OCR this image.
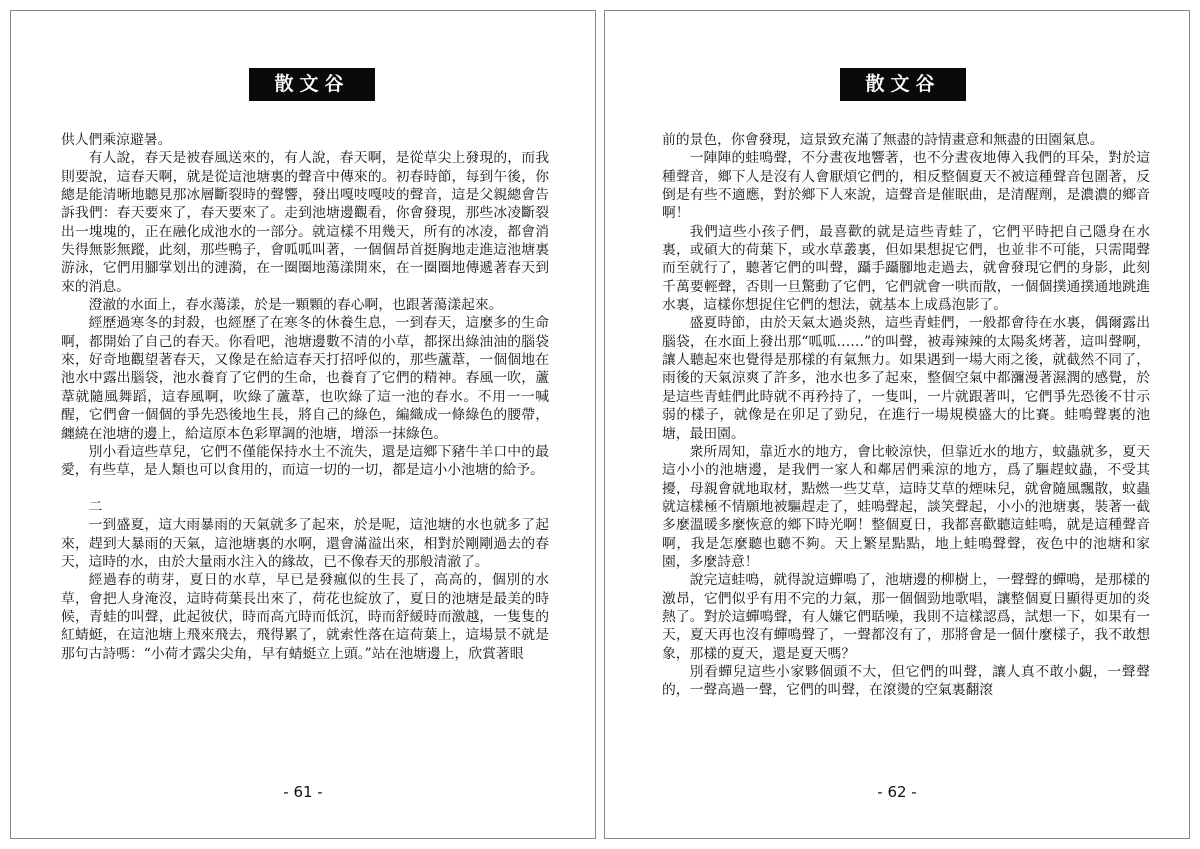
散文谷

供人們乘涼避暑。

有人說，春天是被春風送來的，有人說，春天啊，是從草尖上發現的，而我則要說，這春天啊，就是從這池塘裏的聲音中傳來的。初春時節，每到午後，你總是能清晰地聽見那冰層斷裂時的聲響，發出嘎吱嘎吱的聲音，這是父親總會告訴我們：春天要來了，春天要來了。走到池塘邊觀看，你會發現，那些冰凌斷裂出一塊塊的，正在融化成池水的一部分。就這樣不用幾天，所有的冰凌，都會消失得無影無蹤，此刻，那些鴨子，會呱呱叫著，一個個昂首挺胸地走進這池塘裏游泳，它們用腳掌划出的漣漪，在一圈圈地蕩漾開來，在一圈圈地傳遞著春天到來的消息。

澄澈的水面上，春水蕩漾，於是一顆顆的春心啊，也跟著蕩漾起來。

經歷過寒冬的封殺，也經歷了在寒冬的休養生息，一到春天，這麼多的生命啊，都開始了自己的春天。你看吧，池塘邊數不清的小草，都探出綠油油的腦袋來，好奇地觀望著春天，又像是在給這春天打招呼似的，那些蘆葦，一個個地在池水中露出腦袋，池水養育了它們的生命，也養育了它們的精神。春風一吹，蘆葦就隨風舞蹈，這春風啊，吹綠了蘆葦，也吹綠了這一池的春水。不用一一喊醒，它們會一個個的爭先恐後地生長，將自己的綠色，編織成一條綠色的腰帶，纏繞在池塘的邊上，給這原本色彩單調的池塘，增添一抹綠色。

別小看這些草兒，它們不僅能保持水土不流失，還是這鄉下豬牛羊口中的最愛，有些草，是人類也可以食用的，而這一切的一切，都是這小小池塘的給予。

二

一到盛夏，這大雨暴雨的天氣就多了起來，於是呢，這池塘的水也就多了起來，趕到大暴雨的天氣，這池塘裏的水啊，還會滿溢出來，相對於剛剛過去的春天，這時的水，由於大量雨水注入的緣故，已不像春天的那般清澈了。

經過春的萌芽，夏日的水草，早已是發瘋似的生長了，高高的，個別的水草，會把人身淹沒，這時荷葉長出來了，荷花也綻放了，夏日的池塘是最美的時候，青蛙的叫聲，此起彼伏，時而高亢時而低沉，時而舒緩時而激越，一隻隻的紅蜻蜓，在這池塘上飛來飛去，飛得累了，就索性落在這荷葉上，這場景不就是那句古詩嗎：“小荷才露尖尖角，早有蜻蜓立上頭。”站在池塘邊上，欣賞著眼

- 61 -
散文谷

前的景色，你會發現，這景致充滿了無盡的詩情畫意和無盡的田園氣息。

一陣陣的蛙鳴聲，不分晝夜地響著，也不分晝夜地傳入我們的耳朵，對於這種聲音，鄉下人是沒有人會厭煩它們的，相反整個夏天不被這種聲音包圍著，反倒是有些不適應，對於鄉下人來說，這聲音是催眠曲，是清醒劑，是濃濃的鄉音啊！

我們這些小孩子們，最喜歡的就是這些青蛙了，它們平時把自己隱身在水裏，或碩大的荷葉下，或水草叢裏，但如果想捉它們，也並非不可能，只需聞聲而至就行了，聽著它們的叫聲，躡手躡腳地走過去，就會發現它們的身影，此刻千萬要輕聲，否則一旦驚動了它們，它們就會一哄而散，一個個撲通撲通地跳進水裏，這樣你想捉住它們的想法，就基本上成爲泡影了。

盛夏時節，由於天氣太過炎熱，這些青蛙們，一般都會待在水裏，偶爾露出腦袋，在水面上發出那“呱呱……”的叫聲，被毒辣辣的太陽炙烤著，這叫聲啊，讓人聽起來也覺得是那樣的有氣無力。如果遇到一場大雨之後，就截然不同了，雨後的天氣涼爽了許多，池水也多了起來，整個空氣中都瀰漫著濕潤的感覺，於是這些青蛙們此時就不再矜持了，一隻叫，一片就跟著叫，它們爭先恐後不甘示弱的樣子，就像是在卯足了勁兒，在進行一場規模盛大的比賽。蛙鳴聲裏的池塘，最田園。

衆所周知，靠近水的地方，會比較涼快，但靠近水的地方，蚊蟲就多，夏天這小小的池塘邊，是我們一家人和鄰居們乘涼的地方，爲了驅趕蚊蟲，不受其擾，母親會就地取材，點燃一些艾草，這時艾草的煙味兒，就會隨風飄散，蚊蟲就這樣極不情願地被驅趕走了，蛙鳴聲起，談笑聲起，小小的池塘裏，裝著一截多麼溫暖多麼恢意的鄉下時光啊！整個夏日，我都喜歡聽這蛙鳴，就是這種聲音啊，我是怎麼聽也聽不夠。天上繁星點點，地上蛙鳴聲聲，夜色中的池塘和家園，多麼詩意！

說完這蛙鳴，就得說這蟬鳴了，池塘邊的柳樹上，一聲聲的蟬鳴，是那樣的激昂，它們似乎有用不完的力氣，那一個個勁地歌唱，讓整個夏日顯得更加的炎熱了。對於這蟬鳴聲，有人嫌它們聒噪，我則不這樣認爲，試想一下，如果有一天，夏天再也沒有蟬鳴聲了，一聲都沒有了，那將會是一個什麼樣子，我不敢想象，那樣的夏天，還是夏天嗎？

別看蟬兒這些小家夥個頭不大，但它們的叫聲，讓人真不敢小覷，一聲聲的，一聲高過一聲，它們的叫聲，在滾燙的空氣裏翻滾

- 62 -
